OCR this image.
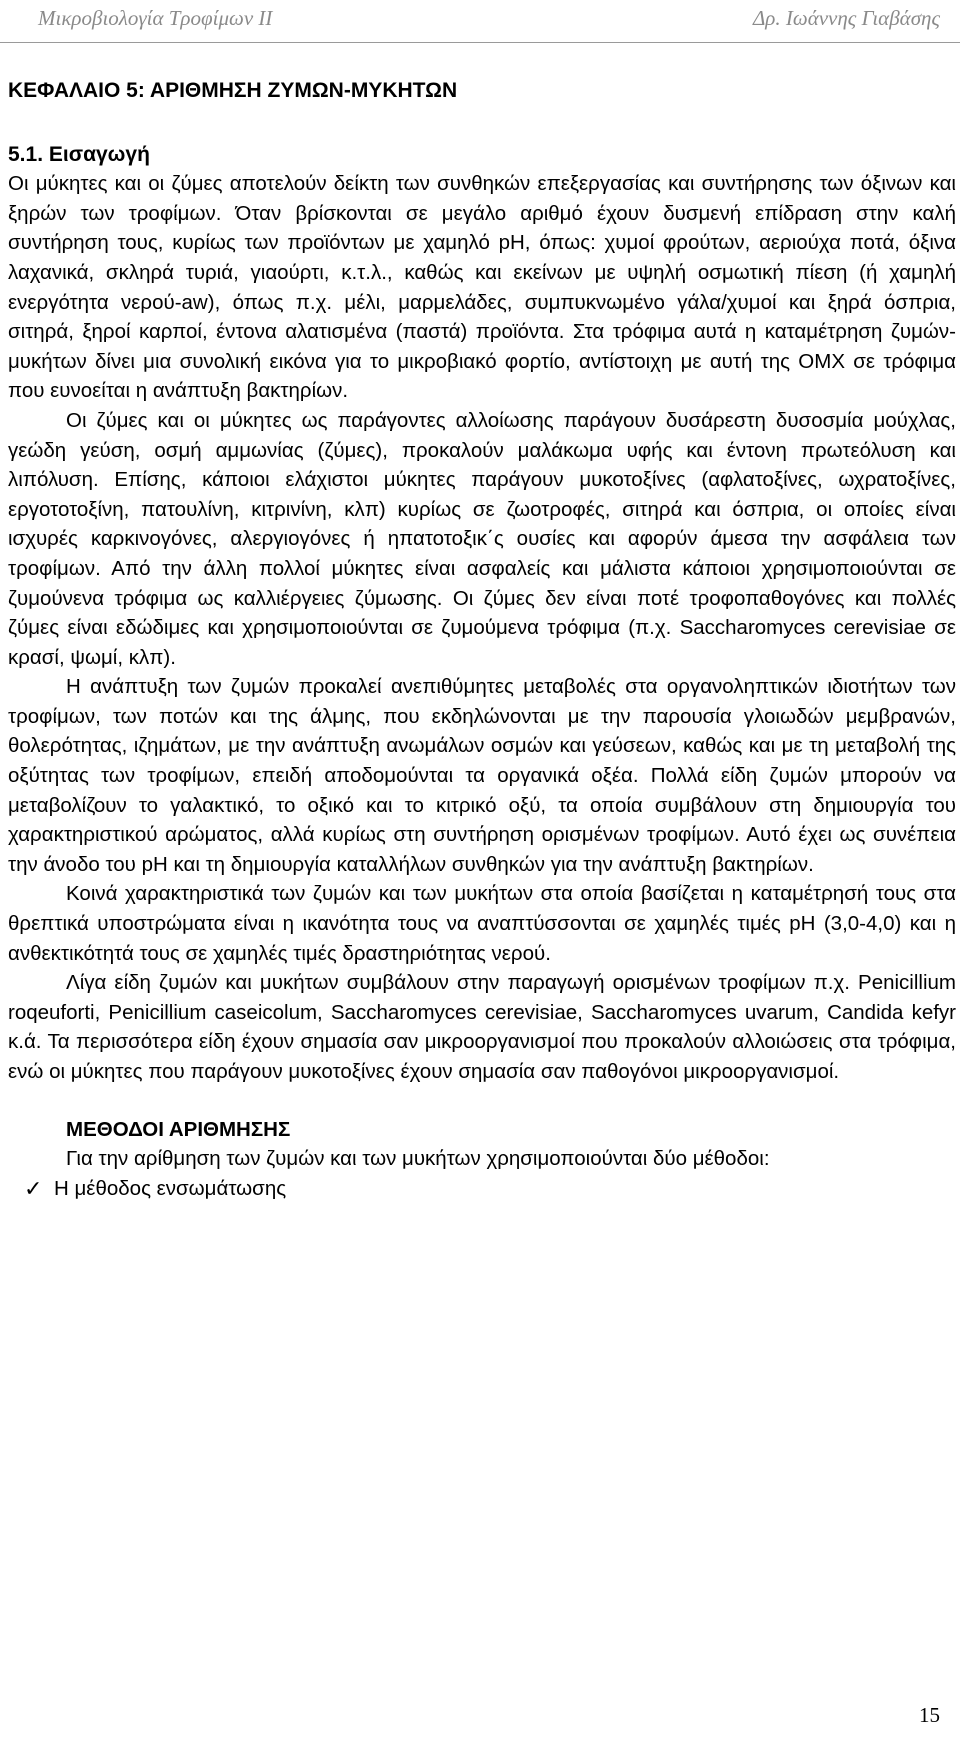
Μικροβιολογία Τροφίμων ΙΙ	Δρ. Ιωάννης Γιαβάσης
ΚΕΦΑΛΑΙΟ 5: ΑΡΙΘΜΗΣΗ ΖΥΜΩΝ-ΜΥΚΗΤΩΝ
5.1. Εισαγωγή

Οι μύκητες και οι ζύμες αποτελούν δείκτη των συνθηκών επεξεργασίας και συντήρησης των όξινων και ξηρών των τροφίμων. Όταν βρίσκονται σε μεγάλο αριθμό έχουν δυσμενή επίδραση στην καλή συντήρηση τους, κυρίως των προϊόντων με χαμηλό pH, όπως: χυμοί φρούτων, αεριούχα ποτά, όξινα λαχανικά, σκληρά τυριά, γιαούρτι, κ.τ.λ., καθώς και εκείνων με υψηλή οσμωτική πίεση (ή χαμηλή ενεργότητα νερού-aw), όπως π.χ. μέλι, μαρμελάδες, συμπυκνωμένο γάλα/χυμοί και ξηρά όσπρια, σιτηρά, ξηροί καρποί, έντονα αλατισμένα (παστά) προϊόντα. Στα τρόφιμα αυτά η καταμέτρηση ζυμών-μυκήτων δίνει μια συνολική εικόνα για το μικροβιακό φορτίο, αντίστοιχη με αυτή της ΟΜΧ σε τρόφιμα που ευνοείται η ανάπτυξη βακτηρίων.

Οι ζύμες και οι μύκητες ως παράγοντες αλλοίωσης παράγουν δυσάρεστη δυσοσμία μούχλας, γεώδη γεύση, οσμή αμμωνίας (ζύμες), προκαλούν μαλάκωμα υφής και έντονη πρωτεόλυση και λιπόλυση. Επίσης, κάποιοι ελάχιστοι μύκητες παράγουν μυκοτοξίνες (αφλατοξίνες, ωχρατοξίνες, εργοτοτοξίνη, πατουλίνη, κιτρινίνη, κλπ) κυρίως σε ζωοτροφές, σιτηρά και όσπρια, οι οποίες είναι ισχυρές καρκινογόνες, αλεργιογόνες ή ηπατοτοξικ΄ς ουσίες και αφορύν άμεσα την ασφάλεια των τροφίμων. Από την άλλη πολλοί μύκητες είναι ασφαλείς και μάλιστα κάποιοι χρησιμοποιούνται σε ζυμούνενα τρόφιμα ως καλλιέργειες ζύμωσης. Οι ζύμες δεν είναι ποτέ τροφοπαθογόνες και πολλές ζύμες είναι εδώδιμες και χρησιμοποιούνται σε ζυμούμενα τρόφιμα (π.χ. Saccharomyces cerevisiae σε κρασί, ψωμί, κλπ).

Η ανάπτυξη των ζυμών προκαλεί ανεπιθύμητες μεταβολές στα οργανοληπτικών ιδιοτήτων των τροφίμων, των ποτών και της άλμης, που εκδηλώνονται με την παρουσία γλοιωδών μεμβρανών, θολερότητας, ιζημάτων, με την ανάπτυξη ανωμάλων οσμών και γεύσεων, καθώς και με τη μεταβολή της οξύτητας των τροφίμων, επειδή αποδομούνται τα οργανικά οξέα. Πολλά είδη ζυμών μπορούν να μεταβολίζουν το γαλακτικό, το οξικό και το κιτρικό οξύ, τα οποία συμβάλουν στη δημιουργία του χαρακτηριστικού αρώματος, αλλά κυρίως στη συντήρηση ορισμένων τροφίμων. Αυτό έχει ως συνέπεια την άνοδο του pH και τη δημιουργία καταλλήλων συνθηκών για την ανάπτυξη βακτηρίων.

Κοινά χαρακτηριστικά των ζυμών και των μυκήτων στα οποία βασίζεται η καταμέτρησή τους στα θρεπτικά υποστρώματα είναι η ικανότητα τους να αναπτύσσονται σε χαμηλές τιμές pH (3,0-4,0) και η ανθεκτικότητά τους σε χαμηλές τιμές δραστηριότητας νερού.

Λίγα είδη ζυμών και μυκήτων συμβάλουν στην παραγωγή ορισμένων τροφίμων π.χ. Penicillium roqeuforti, Penicillium caseicolum, Saccharomyces cerevisiae, Saccharomyces uvarum, Candida kefyr κ.ά. Τα περισσότερα είδη έχουν σημασία σαν μικροοργανισμοί που προκαλούν αλλοιώσεις στα τρόφιμα, ενώ οι μύκητες που παράγουν μυκοτοξίνες έχουν σημασία σαν παθογόνοι μικροοργανισμοί.

ΜΕΘΟΔΟΙ ΑΡΙΘΜΗΣΗΣ

Για την αρίθμηση των ζυμών και των μυκήτων χρησιμοποιούνται δύο μέθοδοι:

✓ Η μέθοδος ενσωμάτωσης
15
